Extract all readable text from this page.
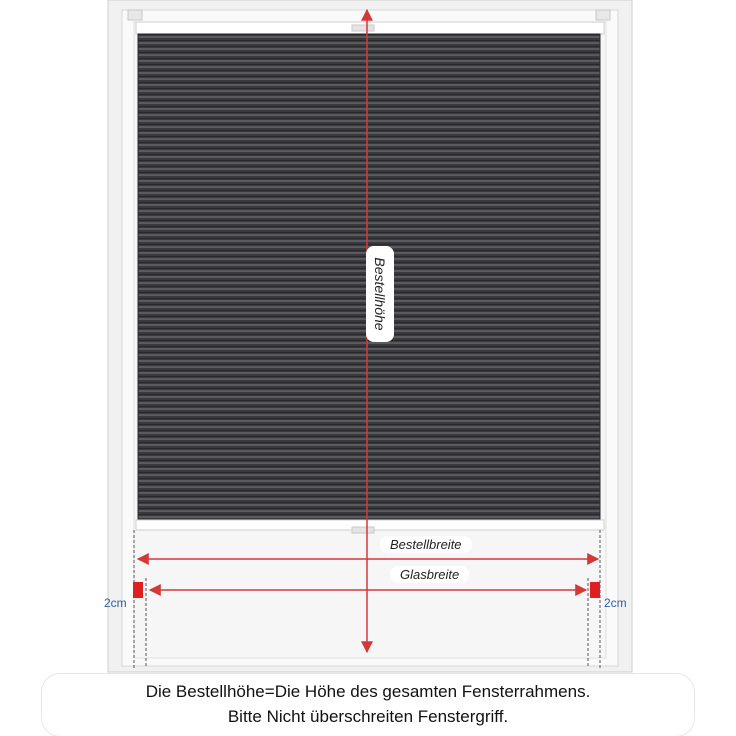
Bestellhöhe
Bestellbreite
Glasbreite
2cm	2cm
Die Bestellhöhe=Die Höhe des gesamten Fensterrahmens.
Bitte Nicht überschreiten Fenstergriff.
